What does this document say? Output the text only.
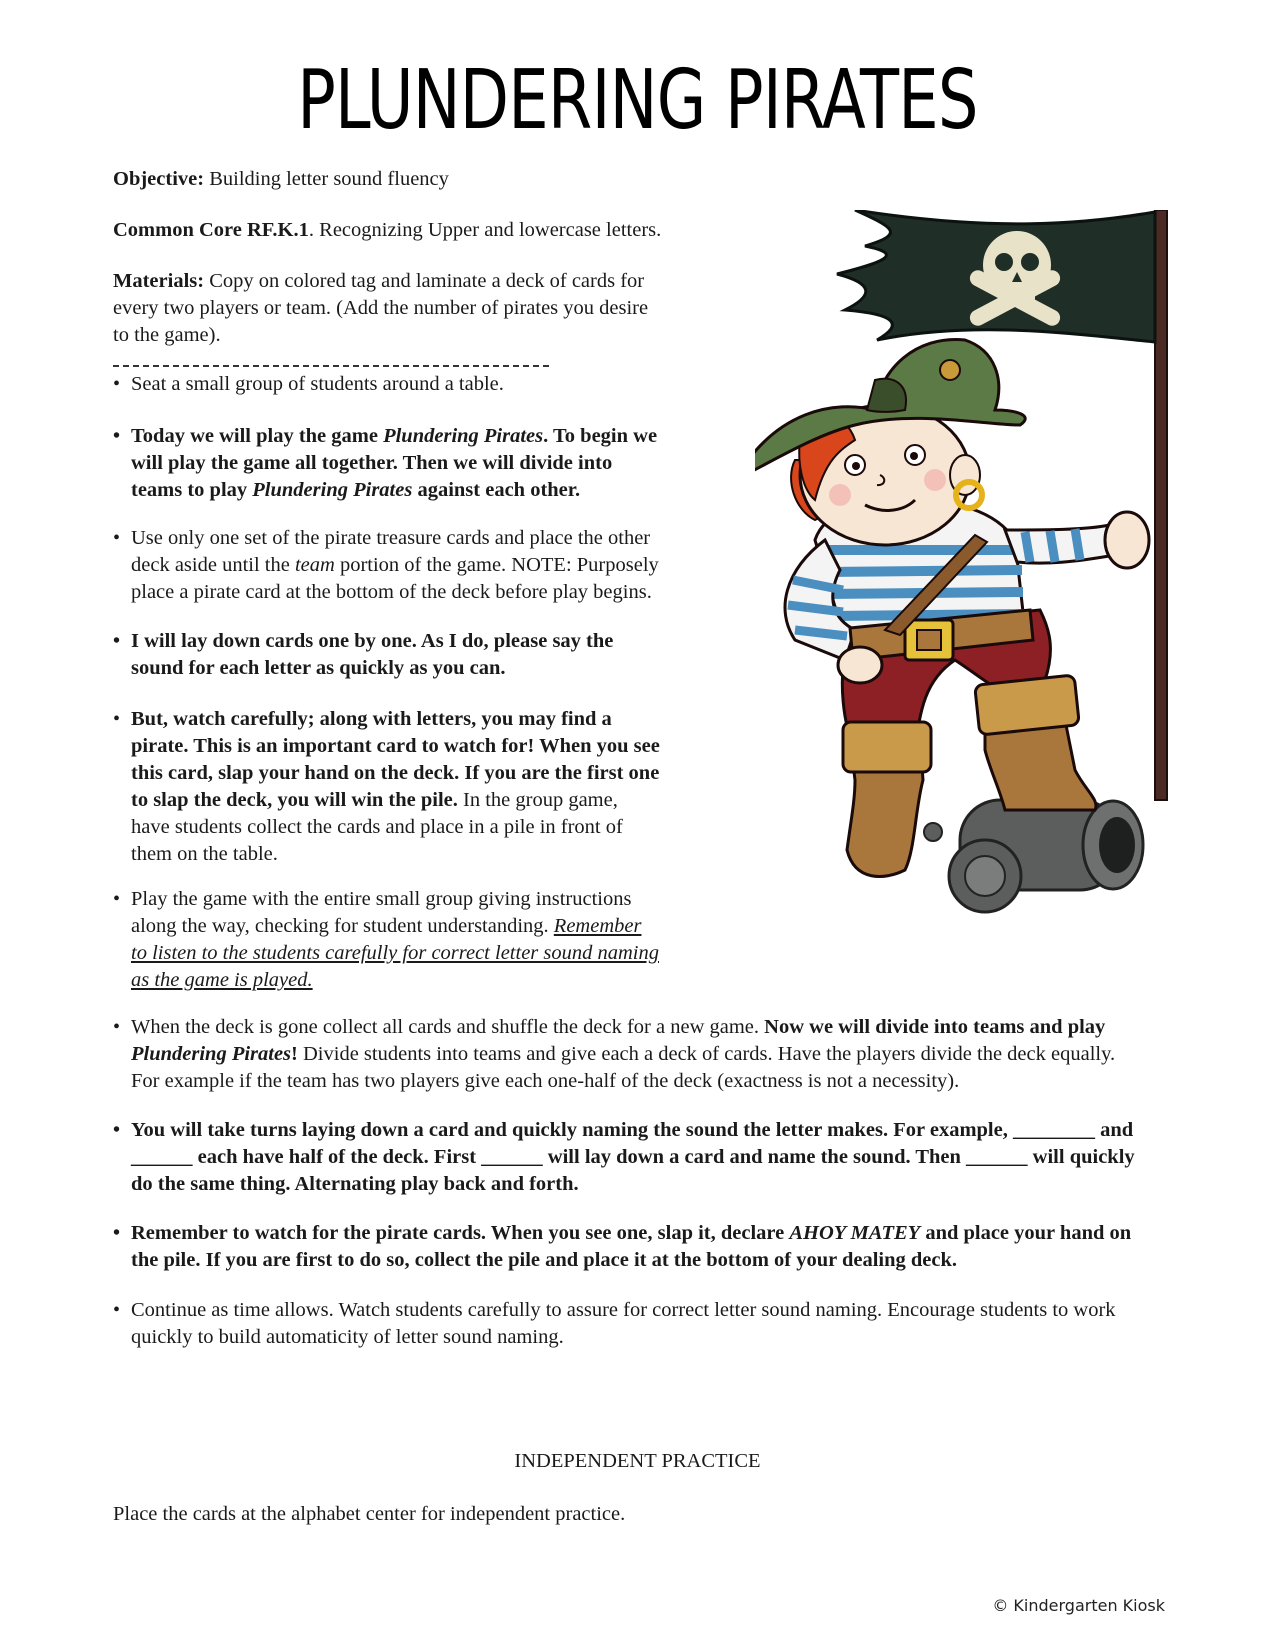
PLUNDERING PIRATES

Objective: Building letter sound fluency

Common Core RF.K.1. Recognizing Upper and lowercase letters.

Materials: Copy on colored tag and laminate a deck of cards for
every two players or team. (Add the number of pirates you desire
to the game).
• Seat a small group of students around a table.
• Today we will play the game Plundering Pirates. To begin we
will play the game all together. Then we will divide into
teams to play Plundering Pirates against each other.
• Use only one set of the pirate treasure cards and place the other
deck aside until the team portion of the game. NOTE: Purposely
place a pirate card at the bottom of the deck before play begins.
• I will lay down cards one by one. As I do, please say the
sound for each letter as quickly as you can.
• But, watch carefully; along with letters, you may find a
pirate. This is an important card to watch for! When you see
this card, slap your hand on the deck. If you are the first one
to slap the deck, you will win the pile. In the group game,
have students collect the cards and place in a pile in front of
them on the table.
• Play the game with the entire small group giving instructions
along the way, checking for student understanding. Remember
to listen to the students carefully for correct letter sound naming
as the game is played.
• When the deck is gone collect all cards and shuffle the deck for a new game. Now we will divide into teams and play
Plundering Pirates! Divide students into teams and give each a deck of cards. Have the players divide the deck equally.
For example if the team has two players give each one-half of the deck (exactness is not a necessity).
• You will take turns laying down a card and quickly naming the sound the letter makes. For example, ________ and
______ each have half of the deck. First ______ will lay down a card and name the sound. Then ______ will quickly
do the same thing. Alternating play back and forth.
• Remember to watch for the pirate cards. When you see one, slap it, declare AHOY MATEY and place your hand on
the pile. If you are first to do so, collect the pile and place it at the bottom of your dealing deck.
• Continue as time allows. Watch students carefully to assure for correct letter sound naming. Encourage students to work
quickly to build automaticity of letter sound naming.

INDEPENDENT PRACTICE

Place the cards at the alphabet center for independent practice.

© Kindergarten Kiosk
